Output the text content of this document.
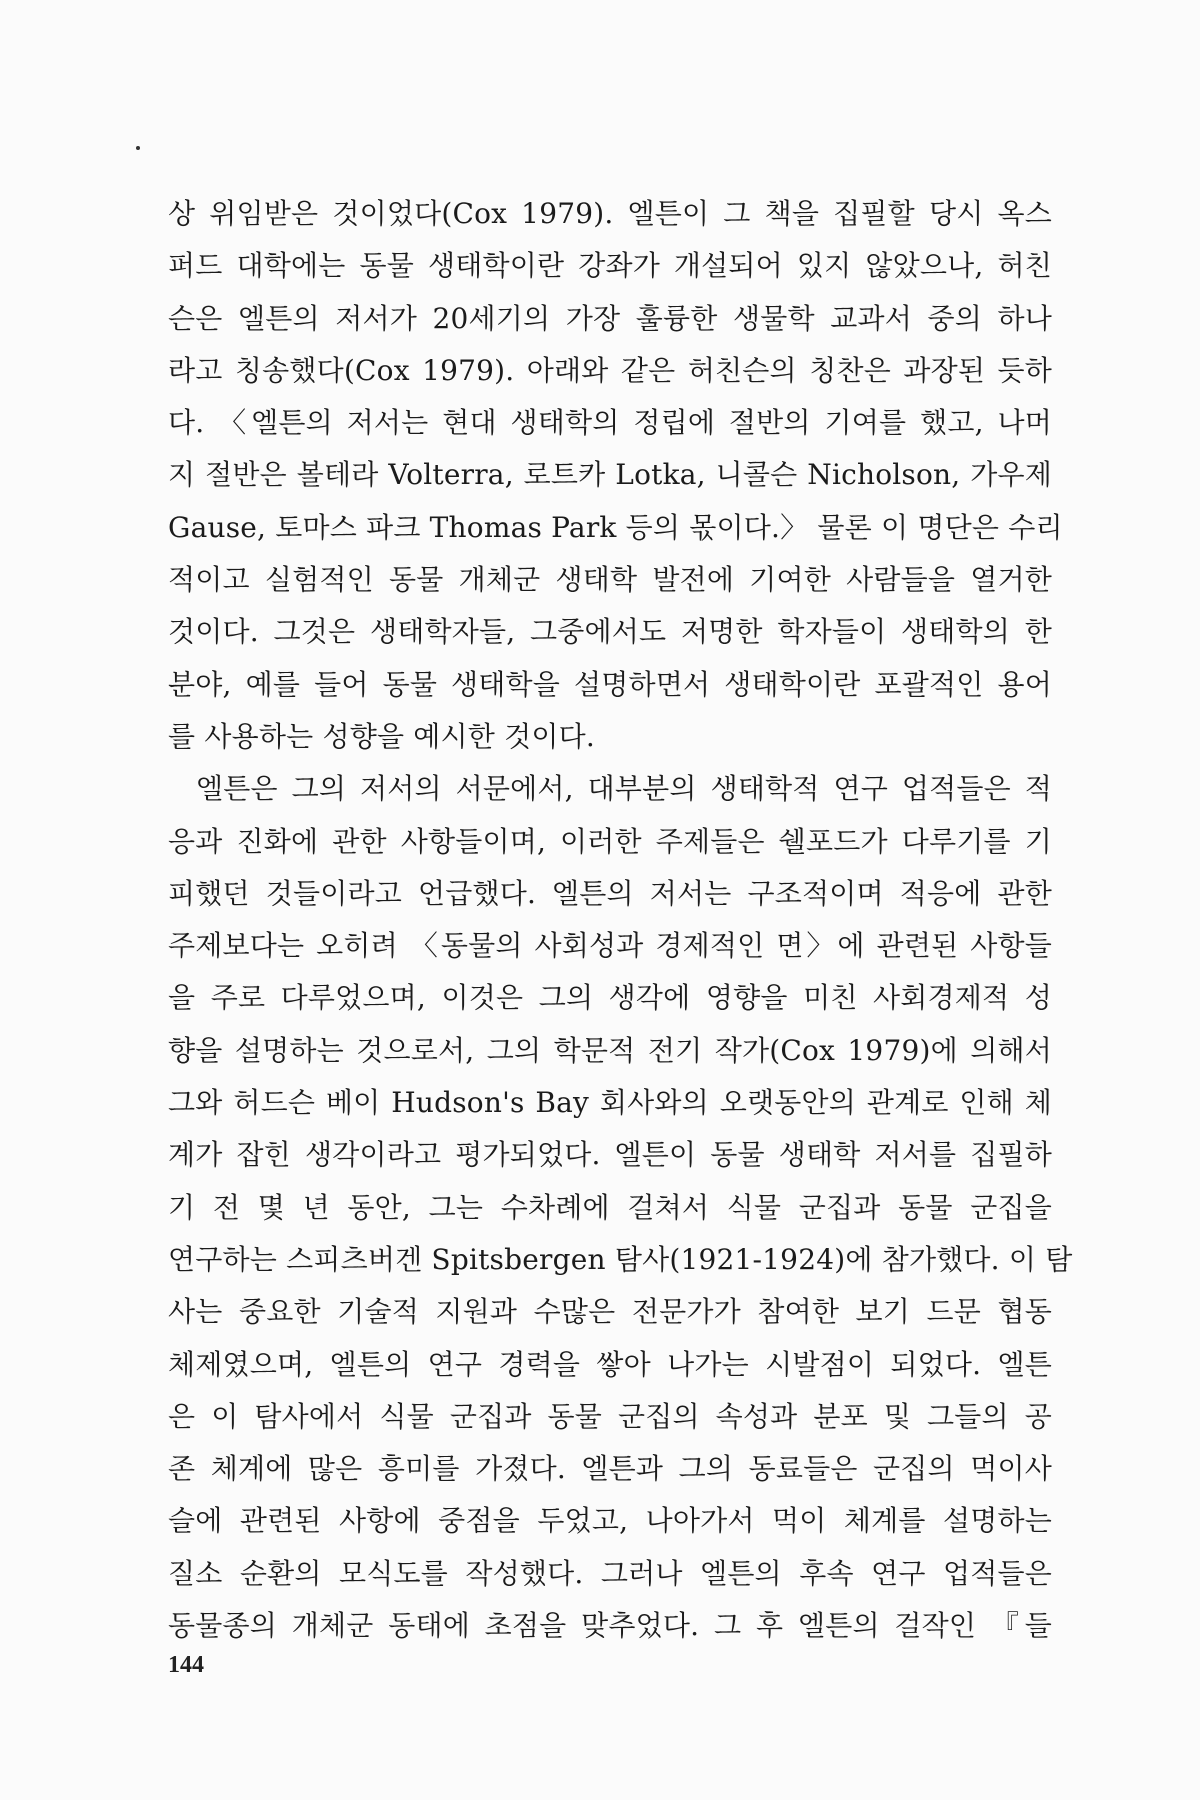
상 위임받은 것이었다(Cox 1979). 엘튼이 그 책을 집필할 당시 옥스
퍼드 대학에는 동물 생태학이란 강좌가 개설되어 있지 않았으나, 허친
슨은 엘튼의 저서가 20세기의 가장 훌륭한 생물학 교과서 중의 하나
라고 칭송했다(Cox 1979). 아래와 같은 허친슨의 칭찬은 과장된 듯하
다. 〈엘튼의 저서는 현대 생태학의 정립에 절반의 기여를 했고, 나머
지 절반은 볼테라 Volterra, 로트카 Lotka, 니콜슨 Nicholson, 가우제
Gause, 토마스 파크 Thomas Park 등의 몫이다.〉 물론 이 명단은 수리
적이고 실험적인 동물 개체군 생태학 발전에 기여한 사람들을 열거한
것이다. 그것은 생태학자들, 그중에서도 저명한 학자들이 생태학의 한
분야, 예를 들어 동물 생태학을 설명하면서 생태학이란 포괄적인 용어
를 사용하는 성향을 예시한 것이다.
엘튼은 그의 저서의 서문에서, 대부분의 생태학적 연구 업적들은 적
응과 진화에 관한 사항들이며, 이러한 주제들은 쉘포드가 다루기를 기
피했던 것들이라고 언급했다. 엘튼의 저서는 구조적이며 적응에 관한
주제보다는 오히려 〈동물의 사회성과 경제적인 면〉에 관련된 사항들
을 주로 다루었으며, 이것은 그의 생각에 영향을 미친 사회경제적 성
향을 설명하는 것으로서, 그의 학문적 전기 작가(Cox 1979)에 의해서
그와 허드슨 베이 Hudson's Bay 회사와의 오랫동안의 관계로 인해 체
계가 잡힌 생각이라고 평가되었다. 엘튼이 동물 생태학 저서를 집필하
기 전 몇 년 동안, 그는 수차례에 걸쳐서 식물 군집과 동물 군집을
연구하는 스피츠버겐 Spitsbergen 탐사(1921-1924)에 참가했다. 이 탐
사는 중요한 기술적 지원과 수많은 전문가가 참여한 보기 드문 협동
체제였으며, 엘튼의 연구 경력을 쌓아 나가는 시발점이 되었다. 엘튼
은 이 탐사에서 식물 군집과 동물 군집의 속성과 분포 및 그들의 공
존 체계에 많은 흥미를 가졌다. 엘튼과 그의 동료들은 군집의 먹이사
슬에 관련된 사항에 중점을 두었고, 나아가서 먹이 체계를 설명하는
질소 순환의 모식도를 작성했다. 그러나 엘튼의 후속 연구 업적들은
동물종의 개체군 동태에 초점을 맞추었다. 그 후 엘튼의 걸작인 『들
144
